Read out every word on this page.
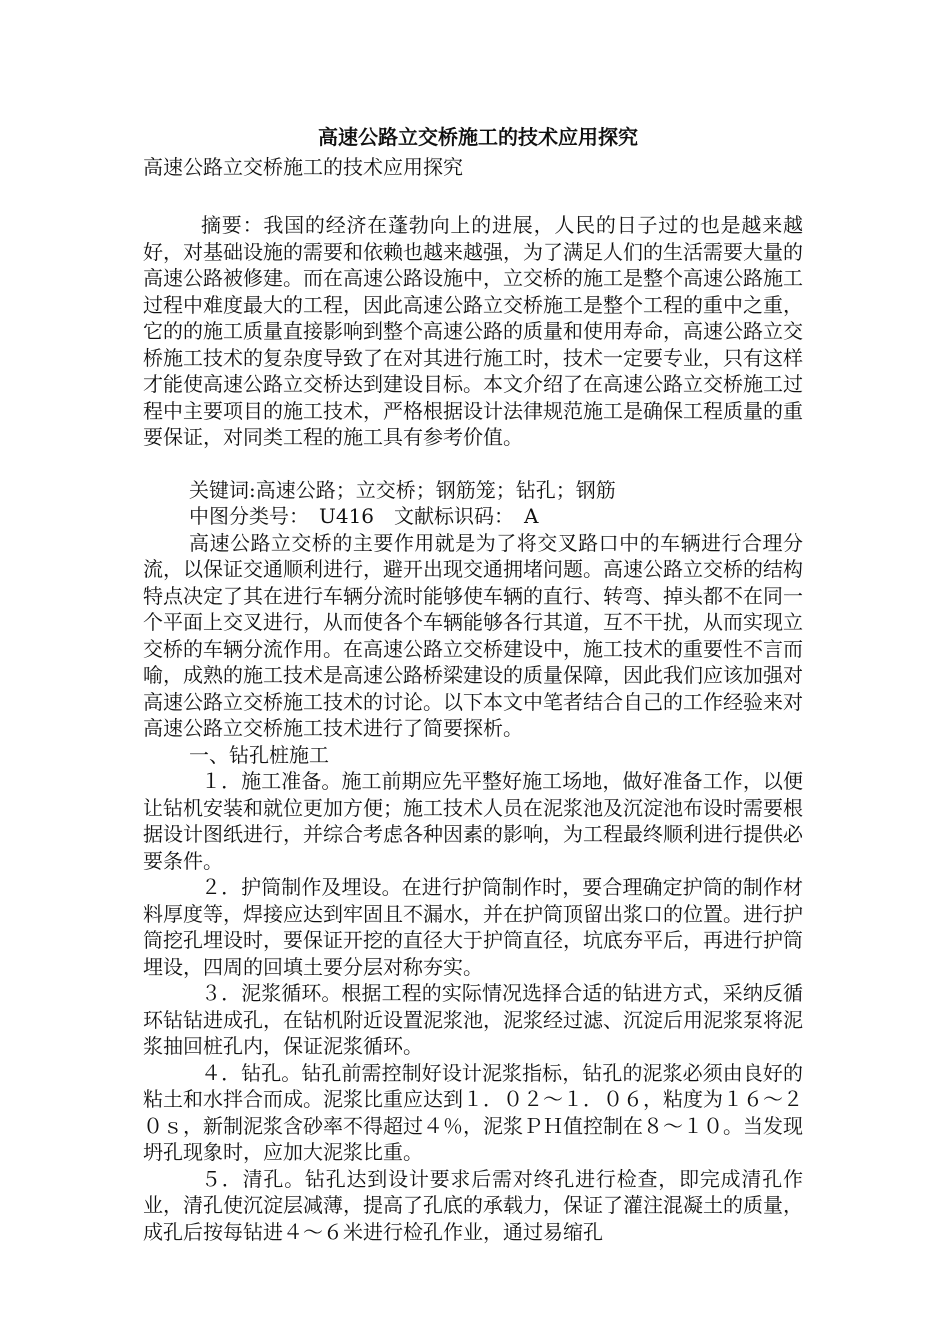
高速公路立交桥施工的技术应用探究

高速公路立交桥施工的技术应用探究

摘要：我国的经济在蓬勃向上的进展，人民的日子过的也是越来越好，对基础设施的需要和依赖也越来越强，为了满足人们的生活需要大量的高速公路被修建。而在高速公路设施中，立交桥的施工是整个高速公路施工过程中难度最大的工程，因此高速公路立交桥施工是整个工程的重中之重，它的的施工质量直接影响到整个高速公路的质量和使用寿命，高速公路立交桥施工技术的复杂度导致了在对其进行施工时，技术一定要专业，只有这样才能使高速公路立交桥达到建设目标。本文介绍了在高速公路立交桥施工过程中主要项目的施工技术，严格根据设计法律规范施工是确保工程质量的重要保证，对同类工程的施工具有参考价值。

关键词:高速公路；立交桥；钢筋笼；钻孔；钢筋

中图分类号：　U416　文献标识码：　A

高速公路立交桥的主要作用就是为了将交叉路口中的车辆进行合理分流，以保证交通顺利进行，避开出现交通拥堵问题。高速公路立交桥的结构特点决定了其在进行车辆分流时能够使车辆的直行、转弯、掉头都不在同一个平面上交叉进行，从而使各个车辆能够各行其道，互不干扰，从而实现立交桥的车辆分流作用。在高速公路立交桥建设中，施工技术的重要性不言而喻，成熟的施工技术是高速公路桥梁建设的质量保障，因此我们应该加强对高速公路立交桥施工技术的讨论。以下本文中笔者结合自己的工作经验来对高速公路立交桥施工技术进行了简要探析。

一、钻孔桩施工

１．施工准备。施工前期应先平整好施工场地，做好准备工作，以便让钻机安装和就位更加方便；施工技术人员在泥浆池及沉淀池布设时需要根据设计图纸进行，并综合考虑各种因素的影响，为工程最终顺利进行提供必要条件。

２．护筒制作及埋设。在进行护筒制作时，要合理确定护筒的制作材料厚度等，焊接应达到牢固且不漏水，并在护筒顶留出浆口的位置。进行护筒挖孔埋设时，要保证开挖的直径大于护筒直径，坑底夯平后，再进行护筒埋设，四周的回填土要分层对称夯实。

３．泥浆循环。根据工程的实际情况选择合适的钻进方式，采纳反循环钻钻进成孔，在钻机附近设置泥浆池，泥浆经过滤、沉淀后用泥浆泵将泥浆抽回桩孔内，保证泥浆循环。

４．钻孔。钻孔前需控制好设计泥浆指标，钻孔的泥浆必须由良好的粘土和水拌合而成。泥浆比重应达到１．０２～１．０６，粘度为１６～２０ｓ，新制泥浆含砂率不得超过４％，泥浆ＰＨ值控制在８～１０。当发现坍孔现象时，应加大泥浆比重。

５．清孔。钻孔达到设计要求后需对终孔进行检查，即完成清孔作业，清孔使沉淀层减薄，提高了孔底的承载力，保证了灌注混凝土的质量，成孔后按每钻进４～６米进行检孔作业，通过易缩孔
